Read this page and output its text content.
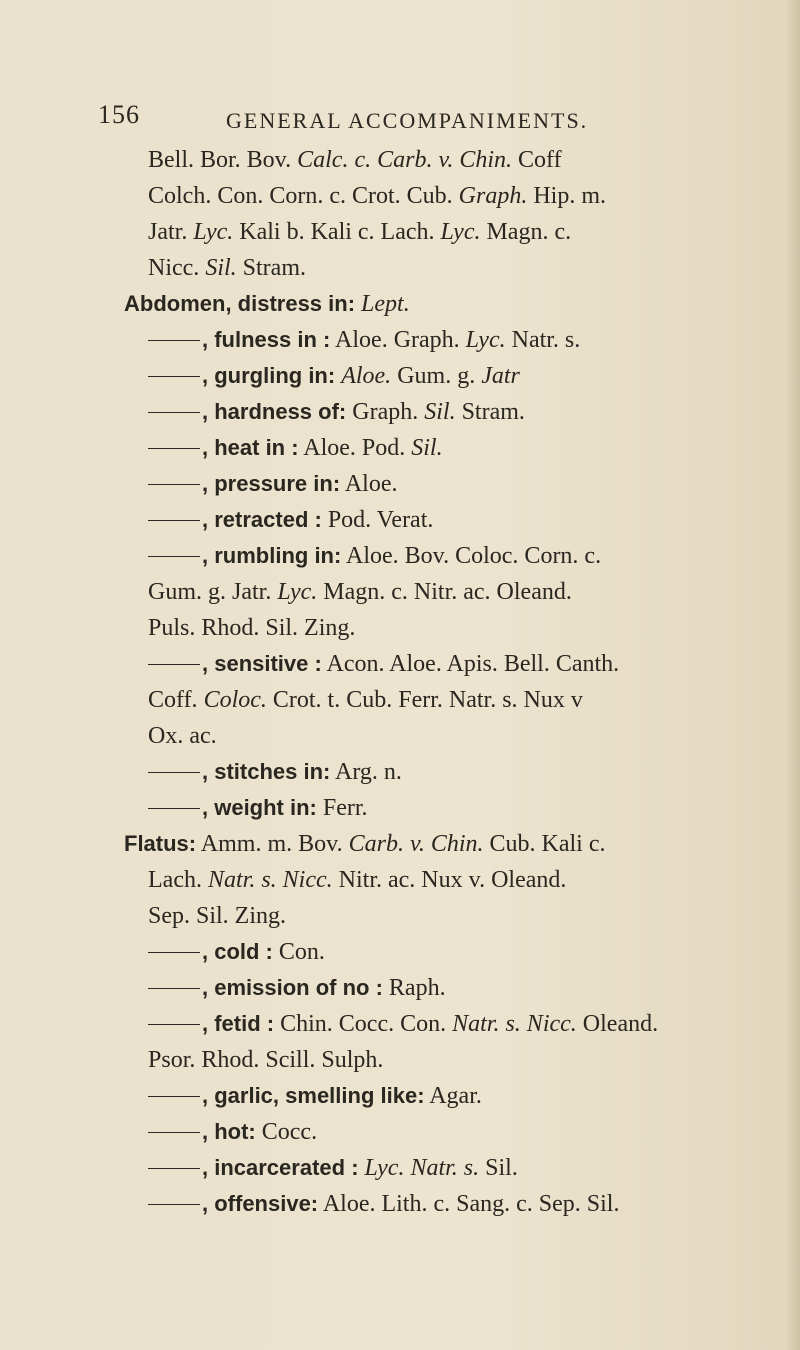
156	GENERAL ACCOMPANIMENTS.
Bell. Bor. Bov. Calc. c. Carb. v. Chin. Coff
Colch. Con. Corn. c. Crot. Cub. Graph. Hip. m.
Jatr. Lyc. Kali b. Kali c. Lach. Lyc. Magn. c.
Nicc. Sil. Stram.
Abdomen, distress in: Lept.
, fulness in : Aloe. Graph. Lyc. Natr. s.
, gurgling in: Aloe. Gum. g. Jatr
, hardness of: Graph. Sil. Stram.
, heat in : Aloe. Pod. Sil.
, pressure in: Aloe.
, retracted : Pod. Verat.
, rumbling in: Aloe. Bov. Coloc. Corn. c.
Gum. g. Jatr. Lyc. Magn. c. Nitr. ac. Oleand.
Puls. Rhod. Sil. Zing.
, sensitive : Acon. Aloe. Apis. Bell. Canth.
Coff. Coloc. Crot. t. Cub. Ferr. Natr. s. Nux v
Ox. ac.
, stitches in: Arg. n.
, weight in: Ferr.
Flatus: Amm. m. Bov. Carb. v. Chin. Cub. Kali c.
Lach. Natr. s. Nicc. Nitr. ac. Nux v. Oleand.
Sep. Sil. Zing.
, cold : Con.
, emission of no : Raph.
, fetid : Chin. Cocc. Con. Natr. s. Nicc. Oleand.
Psor. Rhod. Scill. Sulph.
, garlic, smelling like: Agar.
, hot: Cocc.
, incarcerated : Lyc. Natr. s. Sil.
, offensive: Aloe. Lith. c. Sang. c. Sep. Sil.
